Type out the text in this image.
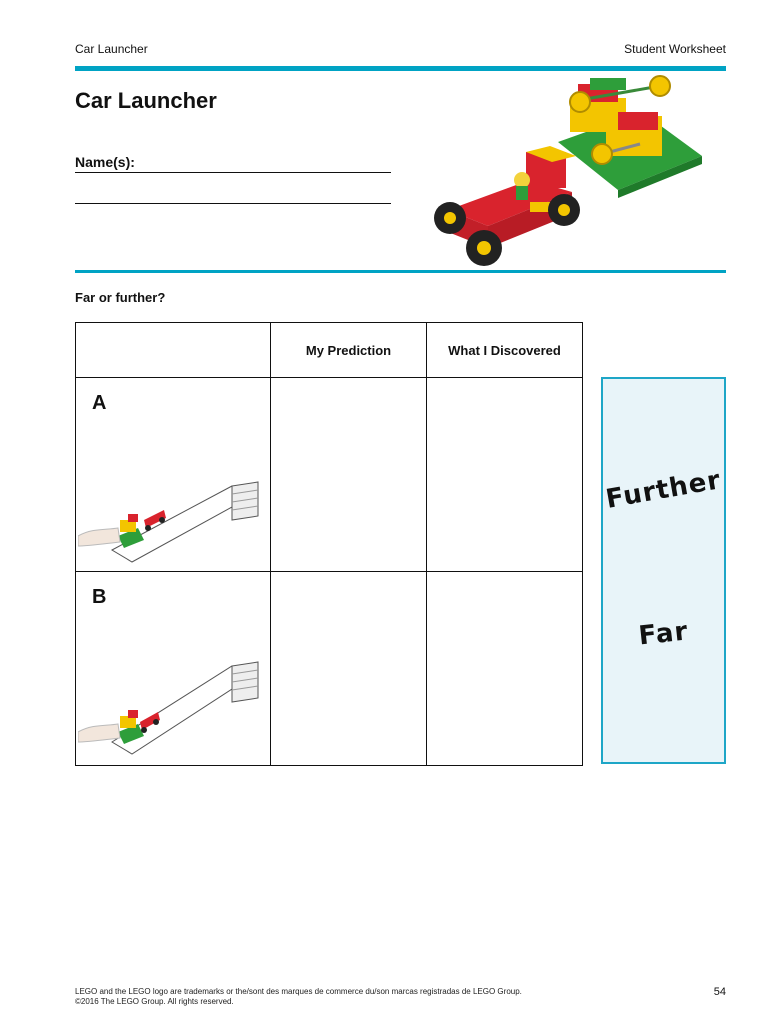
Car Launcher	Student Worksheet
Car Launcher
Name(s):
Far or further?
	My Prediction	What I Discovered

A		

B		

Further
Far
LEGO and the LEGO logo are trademarks or the/sont des marques de commerce du/son marcas registradas de LEGO Group.
©2016 The LEGO Group. All rights reserved.
54
